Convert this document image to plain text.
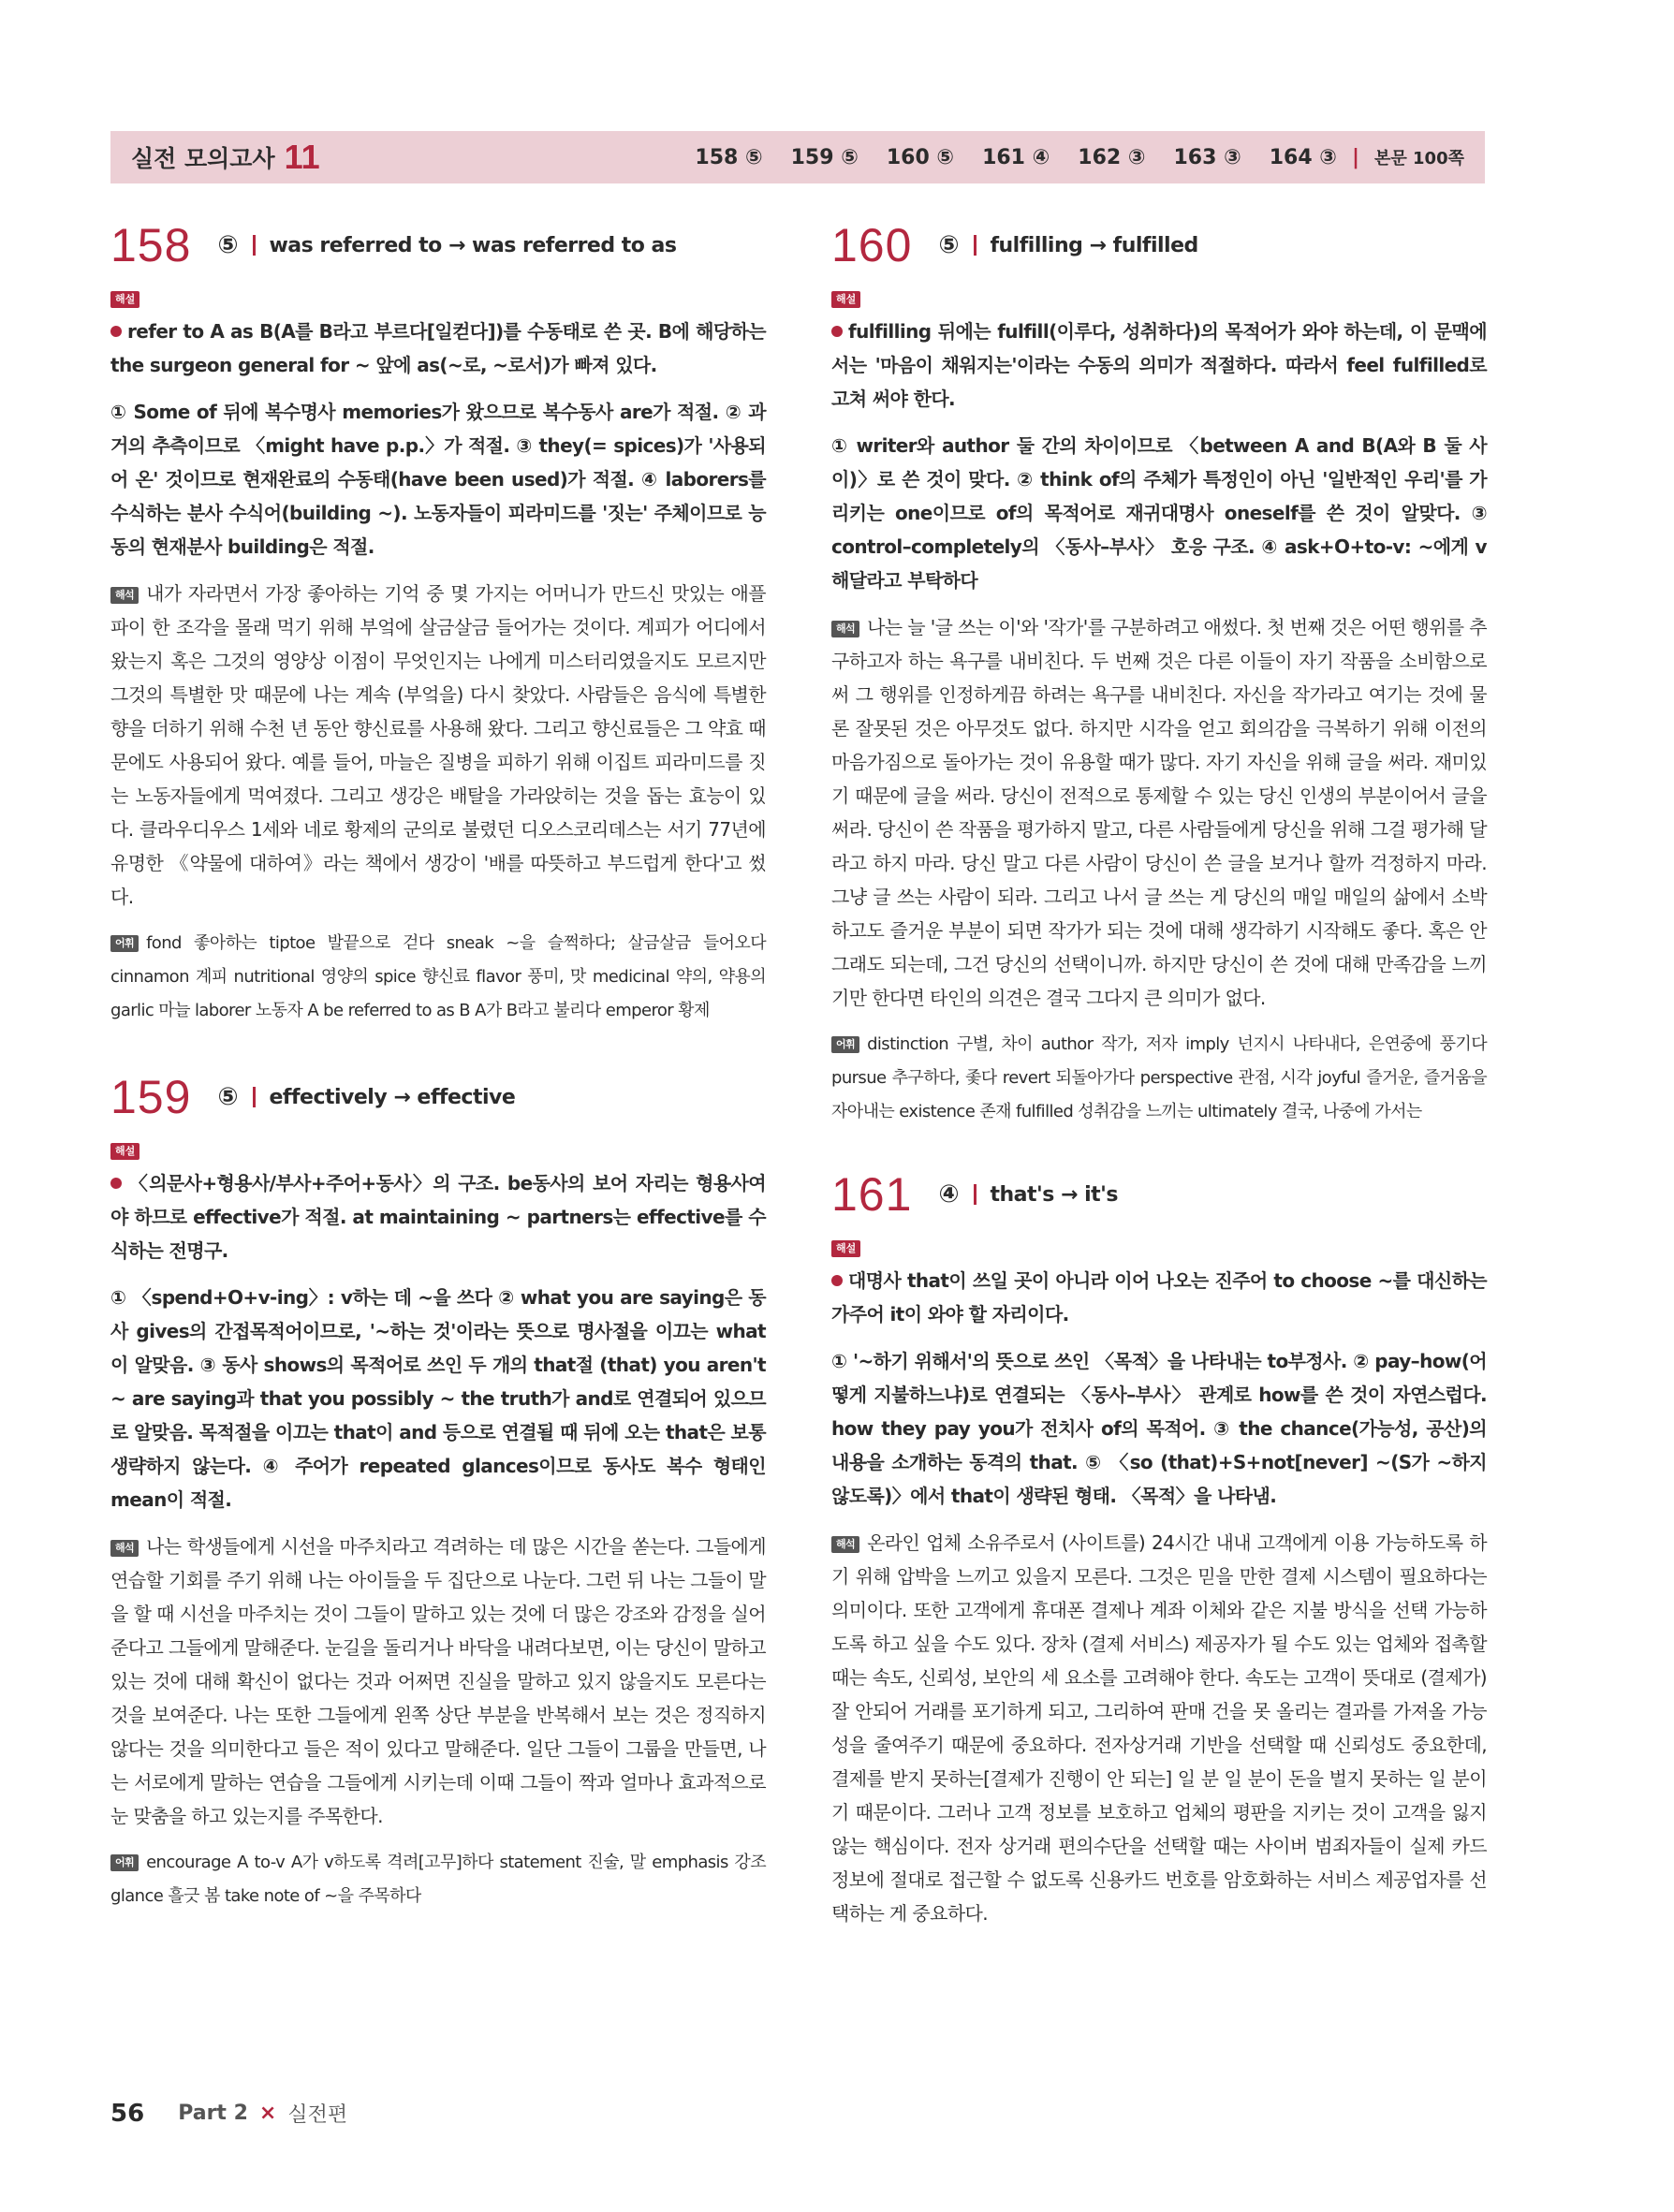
실전 모의고사 11	158 ⑤ 159 ⑤ 160 ⑤ 161 ④ 162 ③ 163 ③ 164 ③ | 본문 100쪽
158 ⑤ was referred to → was referred to as
해설

refer to A as B(A를 B라고 부르다[일컫다])를 수동태로 쓴 곳. B에 해당하는 the surgeon general for ~ 앞에 as(~로, ~로서)가 빠져 있다.

① Some of 뒤에 복수명사 memories가 왔으므로 복수동사 are가 적절. ② 과거의 추측이므로 〈might have p.p.〉가 적절. ③ they(= spices)가 '사용되어 온' 것이므로 현재완료의 수동태(have been used)가 적절. ④ laborers를 수식하는 분사 수식어(building ~). 노동자들이 피라미드를 '짓는' 주체이므로 능동의 현재분사 building은 적절.

해석 내가 자라면서 가장 좋아하는 기억 중 몇 가지는 어머니가 만드신 맛있는 애플파이 한 조각을 몰래 먹기 위해 부엌에 살금살금 들어가는 것이다. 계피가 어디에서 왔는지 혹은 그것의 영양상 이점이 무엇인지는 나에게 미스터리였을지도 모르지만 그것의 특별한 맛 때문에 나는 계속 (부엌을) 다시 찾았다. 사람들은 음식에 특별한 향을 더하기 위해 수천 년 동안 향신료를 사용해 왔다. 그리고 향신료들은 그 약효 때문에도 사용되어 왔다. 예를 들어, 마늘은 질병을 피하기 위해 이집트 피라미드를 짓는 노동자들에게 먹여졌다. 그리고 생강은 배탈을 가라앉히는 것을 돕는 효능이 있다. 클라우디우스 1세와 네로 황제의 군의로 불렸던 디오스코리데스는 서기 77년에 유명한 《약물에 대하여》라는 책에서 생강이 '배를 따뜻하고 부드럽게 한다'고 썼다.

어휘 fond 좋아하는 tiptoe 발끝으로 걷다 sneak ~을 슬쩍하다; 살금살금 들어오다 cinnamon 계피 nutritional 영양의 spice 향신료 flavor 풍미, 맛 medicinal 약의, 약용의 garlic 마늘 laborer 노동자 A be referred to as B A가 B라고 불리다 emperor 황제

159 ⑤ effectively → effective
해설

〈의문사+형용사/부사+주어+동사〉의 구조. be동사의 보어 자리는 형용사여야 하므로 effective가 적절. at maintaining ~ partners는 effective를 수식하는 전명구.

① 〈spend+O+v-ing〉: v하는 데 ~을 쓰다 ② what you are saying은 동사 gives의 간접목적어이므로, '~하는 것'이라는 뜻으로 명사절을 이끄는 what이 알맞음. ③ 동사 shows의 목적어로 쓰인 두 개의 that절 (that) you aren't ~ are saying과 that you possibly ~ the truth가 and로 연결되어 있으므로 알맞음. 목적절을 이끄는 that이 and 등으로 연결될 때 뒤에 오는 that은 보통 생략하지 않는다. ④ 주어가 repeated glances이므로 동사도 복수 형태인 mean이 적절.

해석 나는 학생들에게 시선을 마주치라고 격려하는 데 많은 시간을 쏟는다. 그들에게 연습할 기회를 주기 위해 나는 아이들을 두 집단으로 나눈다. 그런 뒤 나는 그들이 말을 할 때 시선을 마주치는 것이 그들이 말하고 있는 것에 더 많은 강조와 감정을 실어 준다고 그들에게 말해준다. 눈길을 돌리거나 바닥을 내려다보면, 이는 당신이 말하고 있는 것에 대해 확신이 없다는 것과 어쩌면 진실을 말하고 있지 않을지도 모른다는 것을 보여준다. 나는 또한 그들에게 왼쪽 상단 부분을 반복해서 보는 것은 정직하지 않다는 것을 의미한다고 들은 적이 있다고 말해준다. 일단 그들이 그룹을 만들면, 나는 서로에게 말하는 연습을 그들에게 시키는데 이때 그들이 짝과 얼마나 효과적으로 눈 맞춤을 하고 있는지를 주목한다.

어휘 encourage A to-v A가 v하도록 격려[고무]하다 statement 진술, 말 emphasis 강조 glance 흘긋 봄 take note of ~을 주목하다

160 ⑤ fulfilling → fulfilled
해설

fulfilling 뒤에는 fulfill(이루다, 성취하다)의 목적어가 와야 하는데, 이 문맥에서는 '마음이 채워지는'이라는 수동의 의미가 적절하다. 따라서 feel fulfilled로 고쳐 써야 한다.

① writer와 author 둘 간의 차이이므로 〈between A and B(A와 B 둘 사이)〉로 쓴 것이 맞다. ② think of의 주체가 특정인이 아닌 '일반적인 우리'를 가리키는 one이므로 of의 목적어로 재귀대명사 oneself를 쓴 것이 알맞다. ③ control–completely의 〈동사–부사〉 호응 구조. ④ ask+O+to-v: ~에게 v해달라고 부탁하다

해석 나는 늘 '글 쓰는 이'와 '작가'를 구분하려고 애썼다. 첫 번째 것은 어떤 행위를 추구하고자 하는 욕구를 내비친다. 두 번째 것은 다른 이들이 자기 작품을 소비함으로써 그 행위를 인정하게끔 하려는 욕구를 내비친다. 자신을 작가라고 여기는 것에 물론 잘못된 것은 아무것도 없다. 하지만 시각을 얻고 회의감을 극복하기 위해 이전의 마음가짐으로 돌아가는 것이 유용할 때가 많다. 자기 자신을 위해 글을 써라. 재미있기 때문에 글을 써라. 당신이 전적으로 통제할 수 있는 당신 인생의 부분이어서 글을 써라. 당신이 쓴 작품을 평가하지 말고, 다른 사람들에게 당신을 위해 그걸 평가해 달라고 하지 마라. 당신 말고 다른 사람이 당신이 쓴 글을 보거나 할까 걱정하지 마라. 그냥 글 쓰는 사람이 되라. 그리고 나서 글 쓰는 게 당신의 매일 매일의 삶에서 소박하고도 즐거운 부분이 되면 작가가 되는 것에 대해 생각하기 시작해도 좋다. 혹은 안 그래도 되는데, 그건 당신의 선택이니까. 하지만 당신이 쓴 것에 대해 만족감을 느끼기만 한다면 타인의 의견은 결국 그다지 큰 의미가 없다.

어휘 distinction 구별, 차이 author 작가, 저자 imply 넌지시 나타내다, 은연중에 풍기다 pursue 추구하다, 좇다 revert 되돌아가다 perspective 관점, 시각 joyful 즐거운, 즐거움을 자아내는 existence 존재 fulfilled 성취감을 느끼는 ultimately 결국, 나중에 가서는

161 ④ that's → it's
해설

대명사 that이 쓰일 곳이 아니라 이어 나오는 진주어 to choose ~를 대신하는 가주어 it이 와야 할 자리이다.

① '~하기 위해서'의 뜻으로 쓰인 〈목적〉을 나타내는 to부정사. ② pay–how(어떻게 지불하느냐)로 연결되는 〈동사–부사〉 관계로 how를 쓴 것이 자연스럽다. how they pay you가 전치사 of의 목적어. ③ the chance(가능성, 공산)의 내용을 소개하는 동격의 that. ⑤ 〈so (that)+S+not[never] ~(S가 ~하지 않도록)〉에서 that이 생략된 형태. 〈목적〉을 나타냄.

해석 온라인 업체 소유주로서 (사이트를) 24시간 내내 고객에게 이용 가능하도록 하기 위해 압박을 느끼고 있을지 모른다. 그것은 믿을 만한 결제 시스템이 필요하다는 의미이다. 또한 고객에게 휴대폰 결제나 계좌 이체와 같은 지불 방식을 선택 가능하도록 하고 싶을 수도 있다. 장차 (결제 서비스) 제공자가 될 수도 있는 업체와 접촉할 때는 속도, 신뢰성, 보안의 세 요소를 고려해야 한다. 속도는 고객이 뜻대로 (결제가) 잘 안되어 거래를 포기하게 되고, 그리하여 판매 건을 못 올리는 결과를 가져올 가능성을 줄여주기 때문에 중요하다. 전자상거래 기반을 선택할 때 신뢰성도 중요한데, 결제를 받지 못하는[결제가 진행이 안 되는] 일 분 일 분이 돈을 벌지 못하는 일 분이기 때문이다. 그러나 고객 정보를 보호하고 업체의 평판을 지키는 것이 고객을 잃지 않는 핵심이다. 전자 상거래 편의수단을 선택할 때는 사이버 범죄자들이 실제 카드 정보에 절대로 접근할 수 없도록 신용카드 번호를 암호화하는 서비스 제공업자를 선택하는 게 중요하다.

56 Part 2 × 실전편
